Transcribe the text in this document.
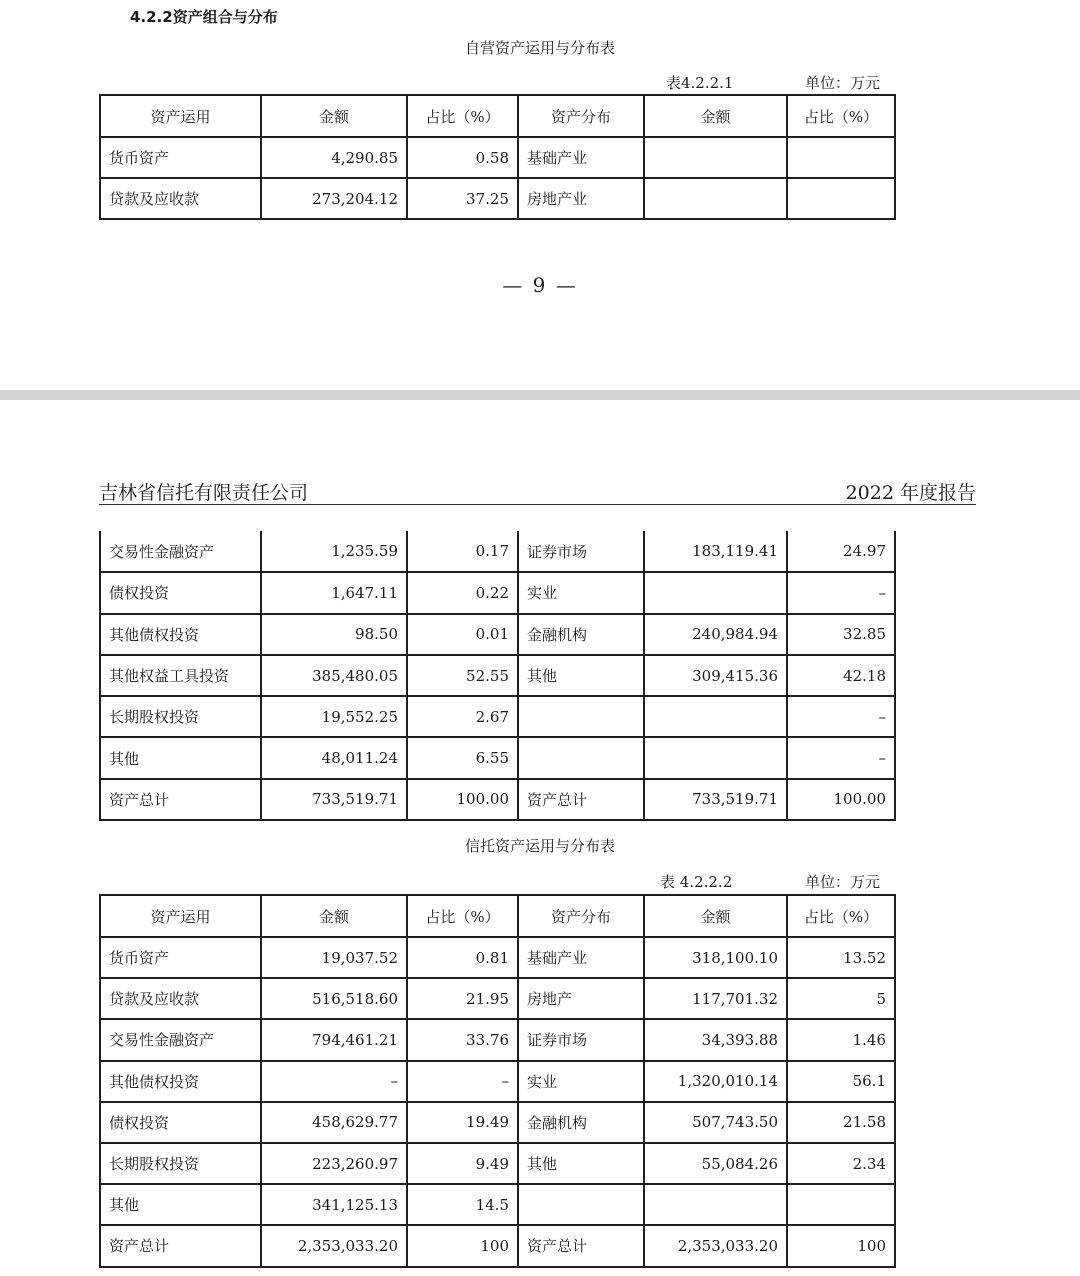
4.2.2资产组合与分布
自营资产运用与分布表
表4.2.2.1	单位：万元
资产运用	金额	占比（%）	资产分布	金额	占比（%）
货币资产	4,290.85	0.58	基础产业		
贷款及应收款	273,204.12	37.25	房地产业		
— 9 —
吉林省信托有限责任公司	2022 年度报告
交易性金融资产	1,235.59	0.17	证券市场	183,119.41	24.97
债权投资	1,647.11	0.22	实业		–
其他债权投资	98.50	0.01	金融机构	240,984.94	32.85
其他权益工具投资	385,480.05	52.55	其他	309,415.36	42.18
长期股权投资	19,552.25	2.67			–
其他	48,011.24	6.55			–
资产总计	733,519.71	100.00	资产总计	733,519.71	100.00
信托资产运用与分布表
表 4.2.2.2	单位：万元
资产运用	金额	占比（%）	资产分布	金额	占比（%）
货币资产	19,037.52	0.81	基础产业	318,100.10	13.52
贷款及应收款	516,518.60	21.95	房地产	117,701.32	5
交易性金融资产	794,461.21	33.76	证券市场	34,393.88	1.46
其他债权投资	–	–	实业	1,320,010.14	56.1
债权投资	458,629.77	19.49	金融机构	507,743.50	21.58
长期股权投资	223,260.97	9.49	其他	55,084.26	2.34
其他	341,125.13	14.5			
资产总计	2,353,033.20	100	资产总计	2,353,033.20	100
